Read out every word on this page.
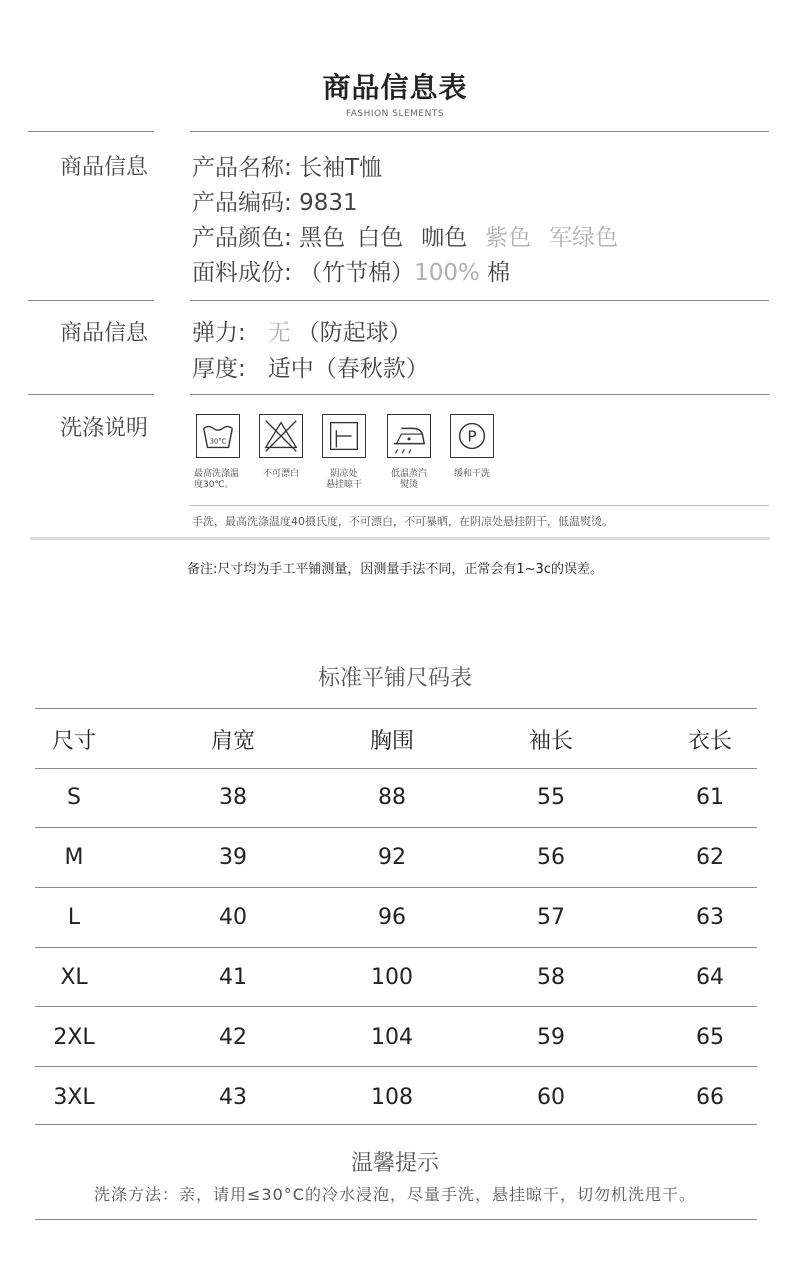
商品信息表
FASHION SLEMENTS
商品信息 产品名称: 长袖T恤
产品编码: 9831
产品颜色: 黑色 白色 咖色 紫色 军绿色
面料成份: （竹节棉）100% 棉
商品信息 弹力: 无 （防起球）
厚度: 适中（春秋款）
洗涤说明
30°C
最高洗涤温
度30℃。
不可漂白	阴凉处
悬挂晾干
低温蒸汽
熨烫
P
缓和干洗
手洗，最高洗涤温度40摄氏度，不可漂白，不可暴晒，在阴凉处悬挂阴干，低温熨烫。
备注:尺寸均为手工平铺测量，因测量手法不同，正常会有1~3c的误差。
标准平铺尺码表
尺寸	肩宽	胸围	袖长	衣长
S	38	88	55	61
M	39	92	56	62
L	40	96	57	63
XL	41	100	58	64
2XL	42	104	59	65
3XL	43	108	60	66
温馨提示
洗涤方法：亲，请用≤30°C的冷水浸泡，尽量手洗，悬挂晾干，切勿机洗甩干。
